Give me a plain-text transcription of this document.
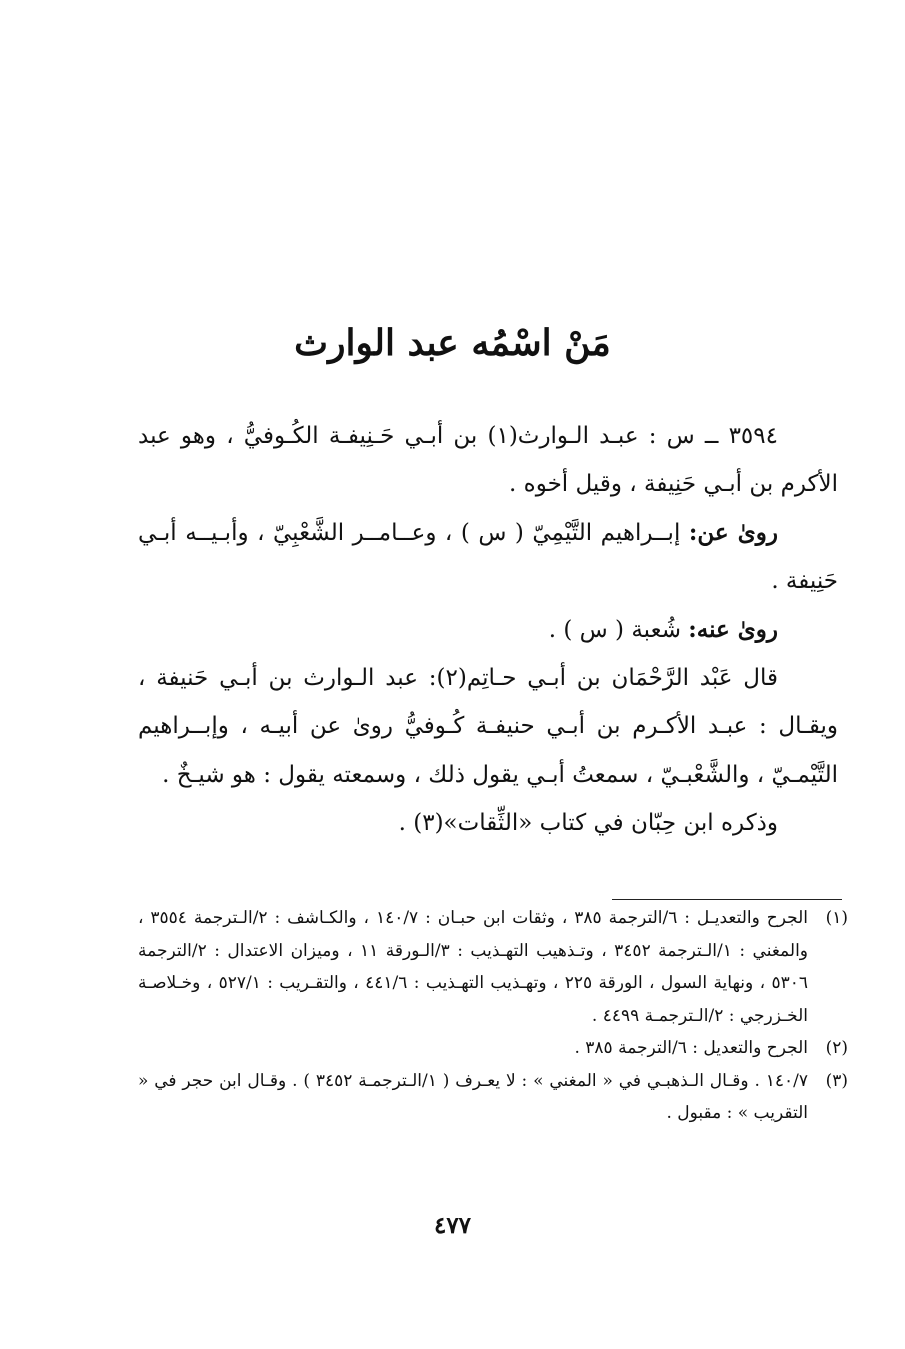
مَنْ اسْمُه عبد الوارث

٣٥٩٤ ــ س : عبـد الـوارث(١) بن أبـي حَـنِيفـة الكُـوفيُّ ، وهو عبد الأكرم بن أبـي حَنِيفة ، وقيل أخوه .

روىٰ عن: إبــراهيم التَّيْمِيّ ( س ) ، وعــامــر الشَّعْبِيّ ، وأبـيــه أبـي حَنِيفة .

روىٰ عنه: شُعبة ( س ) .

قال عَبْد الرَّحْمَان بن أبـي حـاتِم(٢): عبد الـوارث بن أبـي حَنيفة ، ويقـال : عبـد الأكـرم بن أبـي حنيفـة كُـوفيُّ روىٰ عن أبيـه ، وإبــراهيم التَّيْمـيّ ، والشَّعْبـيّ ، سمعتُ أبـي يقول ذلك ، وسمعته يقول : هو شيـخٌ .

وذكره ابن حِبّان في كتاب «الثِّقات»(٣) .

(١)
الجرح والتعديـل : ٦/الترجمة ٣٨٥ ، وثقات ابن حبـان : ١٤٠/٧ ، والكـاشف : ٢/الـترجمة ٣٥٥٤ ، والمغني : ١/الـترجمة ٣٤٥٢ ، وتـذهيب التهـذيب : ٣/الـورقة ١١ ، وميزان الاعتدال : ٢/الترجمة ٥٣٠٦ ، ونهاية السول ، الورقة ٢٢٥ ، وتهـذيب التهـذيب : ٤٤١/٦ ، والتقـريب : ٥٢٧/١ ، وخـلاصـة الخـزرجي : ٢/الـترجمـة ٤٤٩٩ .
(٢)
الجرح والتعديل : ٦/الترجمة ٣٨٥ .
(٣)
١٤٠/٧ . وقـال الـذهبـي في « المغني » : لا يعـرف ( ١/الـترجمـة ٣٤٥٢ ) . وقـال ابن حجر في « التقريب » : مقبول .
٤٧٧
